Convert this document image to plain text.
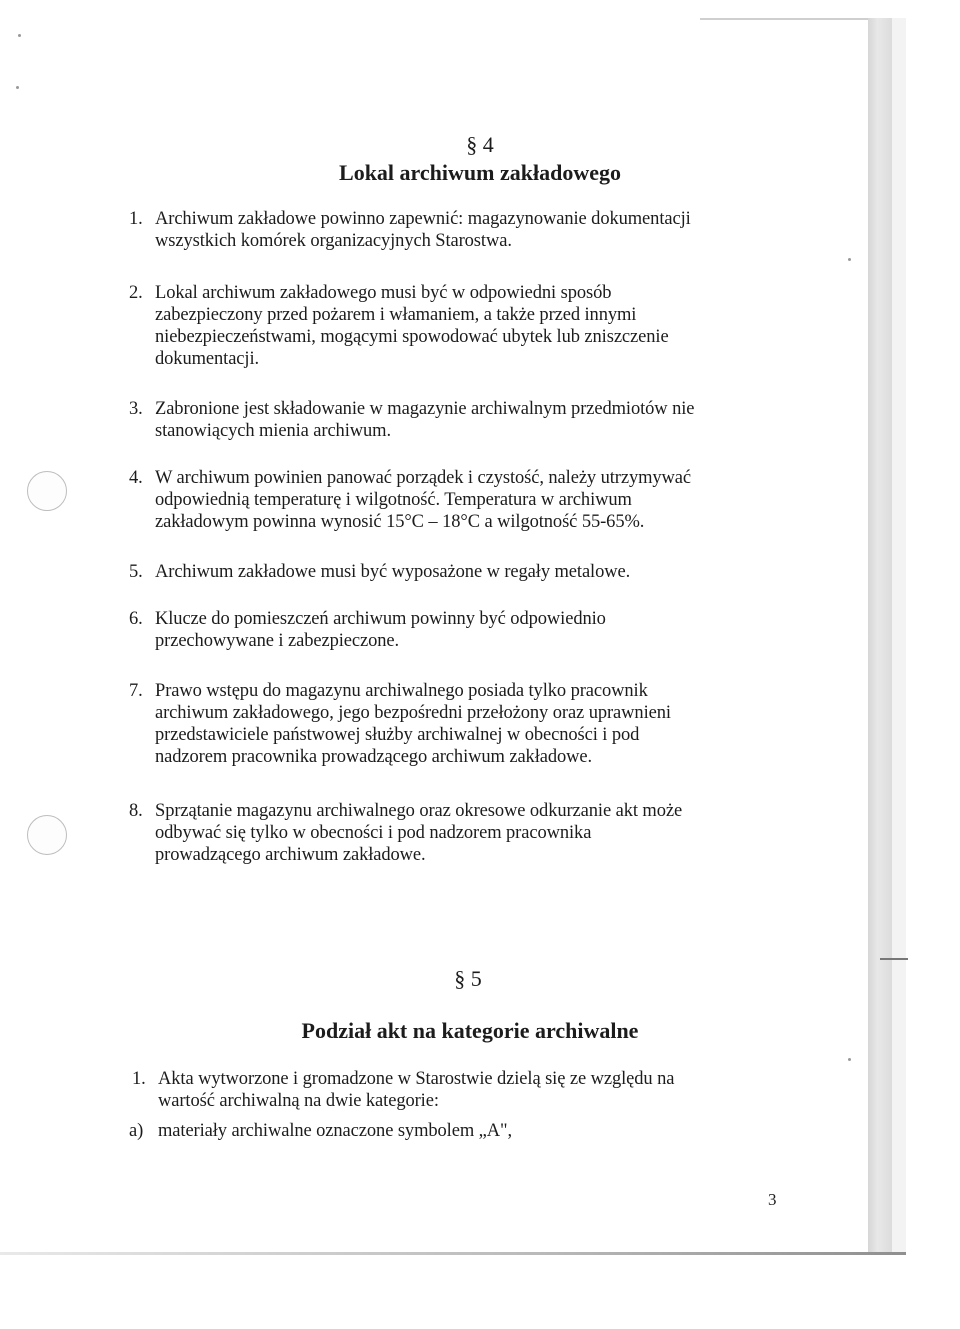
§ 4
Lokal archiwum zakładowego
1. Archiwum zakładowe powinno zapewnić: magazynowanie dokumentacji
wszystkich komórek organizacyjnych Starostwa.
2. Lokal archiwum zakładowego musi być w odpowiedni sposób
zabezpieczony przed pożarem i włamaniem, a także przed innymi
niebezpieczeństwami, mogącymi spowodować ubytek lub zniszczenie
dokumentacji.
3. Zabronione jest składowanie w magazynie archiwalnym przedmiotów nie
stanowiących mienia archiwum.
4. W archiwum powinien panować porządek i czystość, należy utrzymywać
odpowiednią temperaturę i wilgotność. Temperatura w archiwum
zakładowym powinna wynosić 15°C – 18°C a wilgotność 55-65%.
5. Archiwum zakładowe musi być wyposażone w regały metalowe.
6. Klucze do pomieszczeń archiwum powinny być odpowiednio
przechowywane i zabezpieczone.
7. Prawo wstępu do magazynu archiwalnego posiada tylko pracownik
archiwum zakładowego, jego bezpośredni przełożony oraz uprawnieni
przedstawiciele państwowej służby archiwalnej w obecności i pod
nadzorem pracownika prowadzącego archiwum zakładowe.
8. Sprzątanie magazynu archiwalnego oraz okresowe odkurzanie akt może
odbywać się tylko w obecności i pod nadzorem pracownika
prowadzącego archiwum zakładowe.
§ 5
Podział akt na kategorie archiwalne
1. Akta wytworzone i gromadzone w Starostwie dzielą się ze względu na
wartość archiwalną na dwie kategorie:
a) materiały archiwalne oznaczone symbolem „A",
3
